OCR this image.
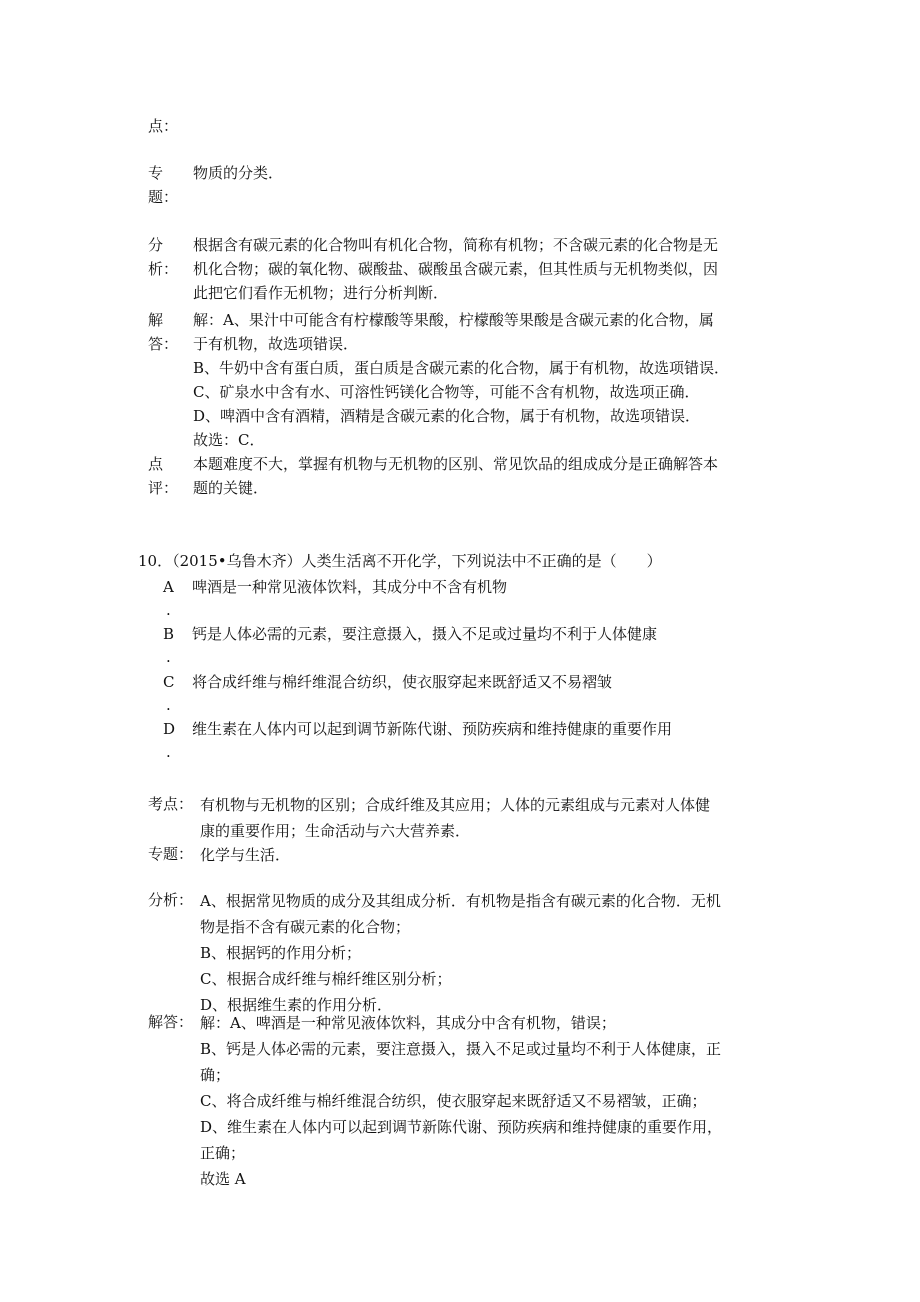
点：
专
题：

物质的分类．

分
析：

根据含有碳元素的化合物叫有机化合物，简称有机物；不含碳元素的化合物是无

机化合物；碳的氧化物、碳酸盐、碳酸虽含碳元素，但其性质与无机物类似，因

此把它们看作无机物；进行分析判断．

解
答：

解：A、果汁中可能含有柠檬酸等果酸，柠檬酸等果酸是含碳元素的化合物，属

于有机物，故选项错误．

B、牛奶中含有蛋白质，蛋白质是含碳元素的化合物，属于有机物，故选项错误．

C、矿泉水中含有水、可溶性钙镁化合物等，可能不含有机物，故选项正确．

D、啤酒中含有酒精，酒精是含碳元素的化合物，属于有机物，故选项错误．

故选：C．

点
评：

本题难度不大，掌握有机物与无机物的区别、常见饮品的组成成分是正确解答本

题的关键．

10．（2015•乌鲁木齐）人类生活离不开化学，下列说法中不正确的是（　　）
A
.
啤酒是一种常见液体饮料，其成分中不含有机物
B
.
钙是人体必需的元素，要注意摄入，摄入不足或过量均不利于人体健康
C
.
将合成纤维与棉纤维混合纺织，使衣服穿起来既舒适又不易褶皱
D
.
维生素在人体内可以起到调节新陈代谢、预防疾病和维持健康的重要作用
考点： 有机物与无机物的区别；合成纤维及其应用；人体的元素组成与元素对人体健

康的重要作用；生命活动与六大营养素．

专题： 化学与生活．

分析： A、根据常见物质的成分及其组成分析．有机物是指含有碳元素的化合物．无机

物是指不含有碳元素的化合物；

B、根据钙的作用分析；

C、根据合成纤维与棉纤维区别分析；

D、根据维生素的作用分析．

解答： 解：A、啤酒是一种常见液体饮料，其成分中含有机物，错误；

B、钙是人体必需的元素，要注意摄入，摄入不足或过量均不利于人体健康，正

确；

C、将合成纤维与棉纤维混合纺织，使衣服穿起来既舒适又不易褶皱，正确；

D、维生素在人体内可以起到调节新陈代谢、预防疾病和维持健康的重要作用，

正确；

故选 A
